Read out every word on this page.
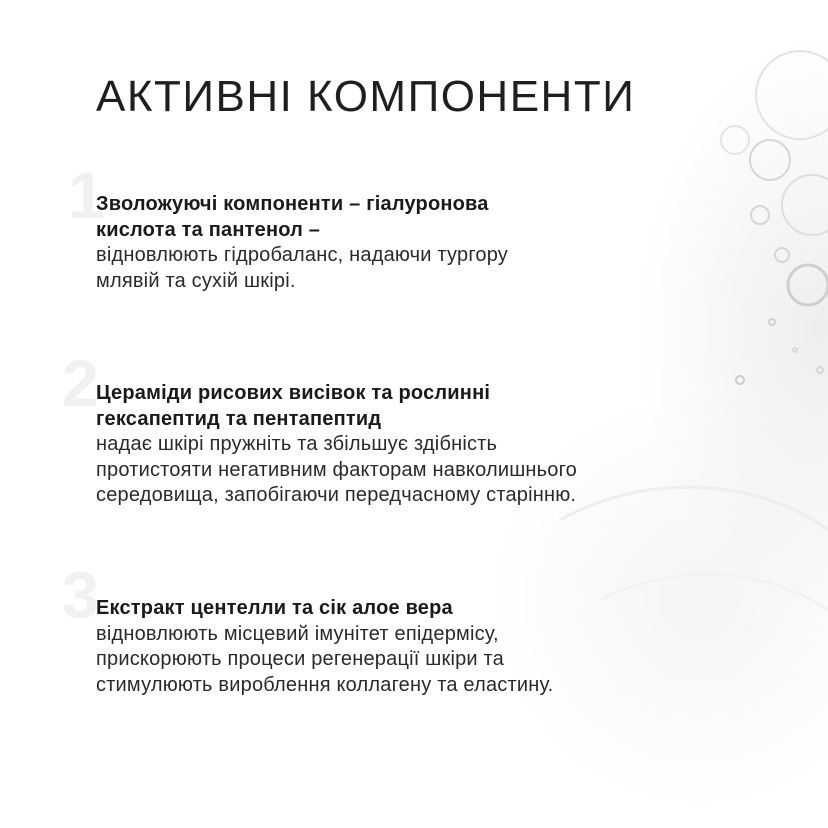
АКТИВНІ КОМПОНЕНТИ
1
Зволожуючі компоненти – гіалуронова
кислота та пантенол –
відновлюють гідробаланс, надаючи тургору
млявій та сухій шкірі.
2
Цераміди рисових висівок та рослинні
гексапептид та пентапептид
надає шкірі пружніть та збільшує здібність
протистояти негативним факторам навколишнього
середовища, запобігаючи передчасному старінню.
3
Екстракт центелли та сік алое вера
відновлюють місцевий імунітет епідермісу,
прискорюють процеси регенерації шкіри та
стимулюють вироблення коллагену та еластину.
